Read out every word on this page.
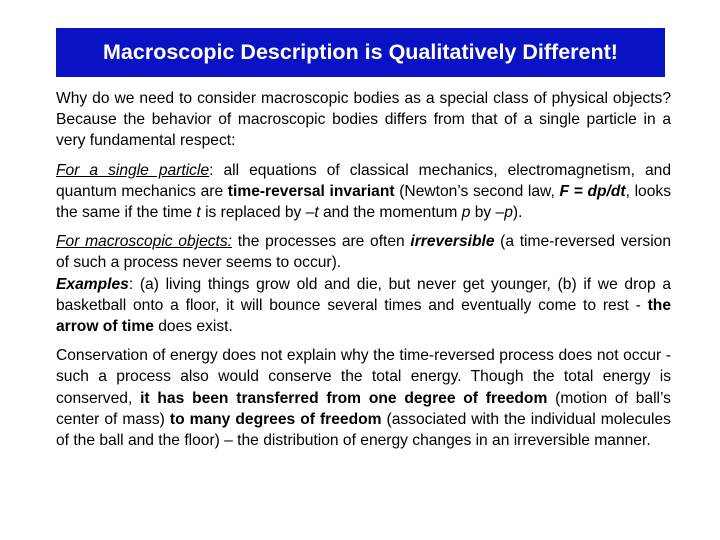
Macroscopic Description is Qualitatively Different!

Why do we need to consider macroscopic bodies as a special class of physical objects? Because the behavior of macroscopic bodies differs from that of a single particle in a very fundamental respect:

For a single particle: all equations of classical mechanics, electromagnetism, and quantum mechanics are time-reversal invariant (Newton’s second law, F = dp/dt, looks the same if the time t is replaced by –t and the momentum p by –p).

For macroscopic objects: the processes are often irreversible (a time-reversed version of such a process never seems to occur).

Examples: (a) living things grow old and die, but never get younger, (b) if we drop a basketball onto a floor, it will bounce several times and eventually come to rest - the arrow of time does exist.

Conservation of energy does not explain why the time-reversed process does not occur - such a process also would conserve the total energy. Though the total energy is conserved, it has been transferred from one degree of freedom (motion of ball’s center of mass) to many degrees of freedom (associated with the individual molecules of the ball and the floor) – the distribution of energy changes in an irreversible manner.
